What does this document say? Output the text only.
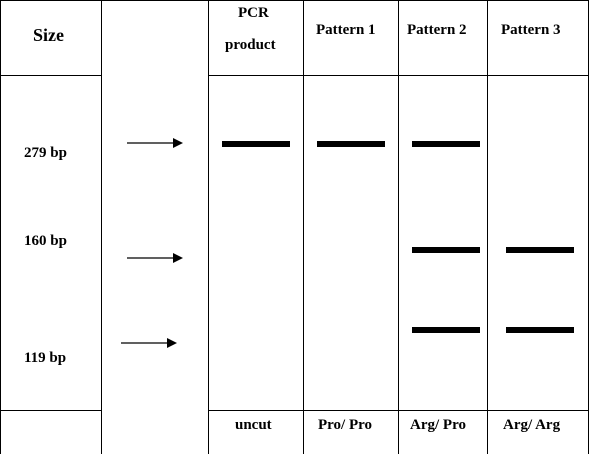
Size
PCR
product
Pattern 1 Pattern 2 Pattern 3
279 bp
160 bp
119 bp
uncut	Pro/ Pro	Arg/ Pro Arg/ Arg
